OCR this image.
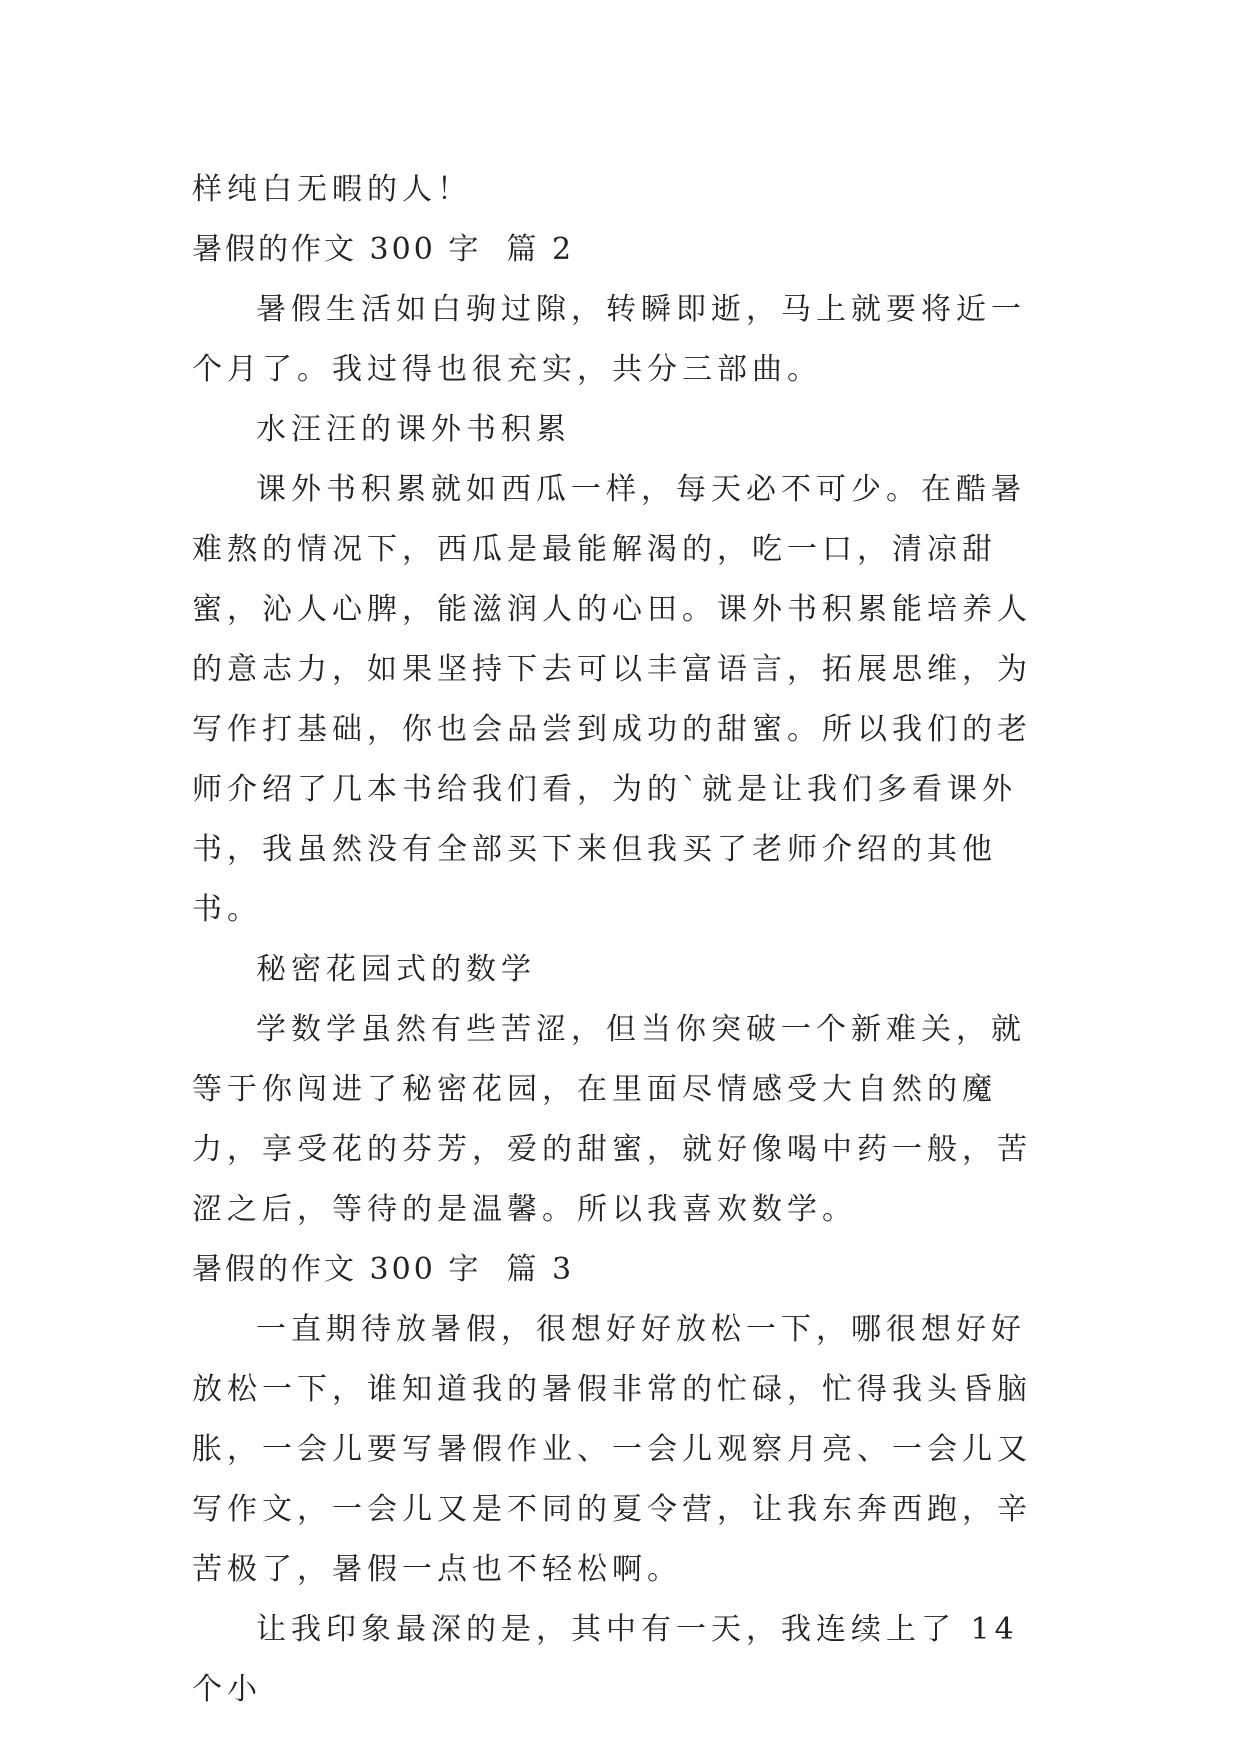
样纯白无暇的人！

暑假的作文 300 字  篇 2

暑假生活如白驹过隙，转瞬即逝，马上就要将近一个月了。我过得也很充实，共分三部曲。

水汪汪的课外书积累

课外书积累就如西瓜一样，每天必不可少。在酷暑难熬的情况下，西瓜是最能解渴的，吃一口，清凉甜蜜，沁人心脾，能滋润人的心田。课外书积累能培养人的意志力，如果坚持下去可以丰富语言，拓展思维，为写作打基础，你也会品尝到成功的甜蜜。所以我们的老师介绍了几本书给我们看，为的`就是让我们多看课外书，我虽然没有全部买下来但我买了老师介绍的其他书。

秘密花园式的数学

学数学虽然有些苦涩，但当你突破一个新难关，就等于你闯进了秘密花园，在里面尽情感受大自然的魔力，享受花的芬芳，爱的甜蜜，就好像喝中药一般，苦涩之后，等待的是温馨。所以我喜欢数学。

暑假的作文 300 字  篇 3

一直期待放暑假，很想好好放松一下，哪很想好好放松一下，谁知道我的暑假非常的忙碌，忙得我头昏脑胀，一会儿要写暑假作业、一会儿观察月亮、一会儿又写作文，一会儿又是不同的夏令营，让我东奔西跑，辛苦极了，暑假一点也不轻松啊。

让我印象最深的是，其中有一天，我连续上了 14 个小
